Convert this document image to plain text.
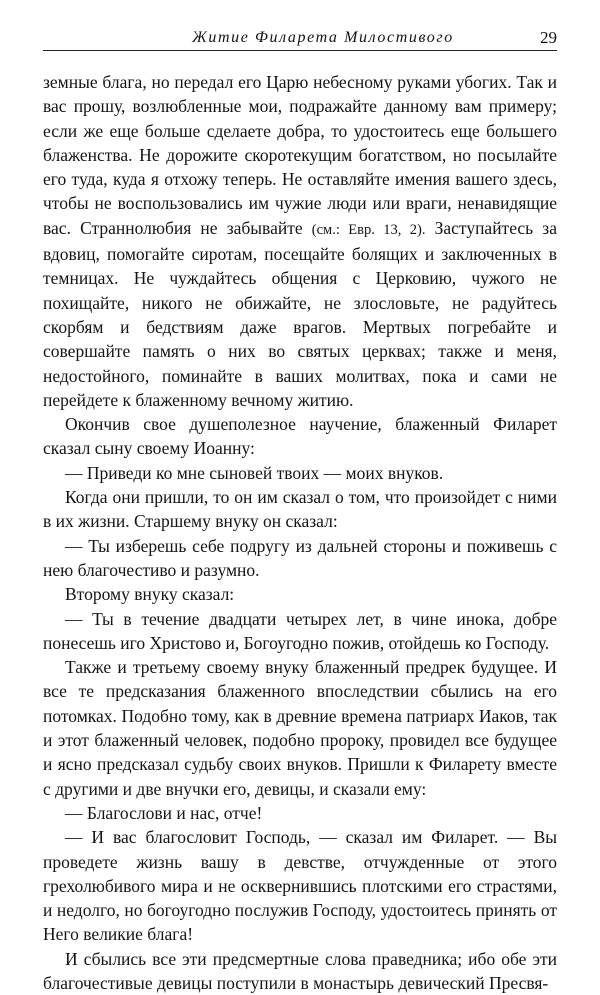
Житие Филарета Милостивого	29

земные блага, но передал его Царю небесному руками убогих. Так и вас прошу, возлюбленные мои, подражайте данному вам примеру; если же еще больше сделаете добра, то удостоитесь еще большего блаженства. Не дорожите скоротекущим богатством, но посылайте его туда, куда я отхожу теперь. Не оставляйте имения вашего здесь, чтобы не воспользовались им чужие люди или враги, ненавидящие вас. Страннолюбия не забывайте (см.: Евр. 13, 2). Заступайтесь за вдовиц, помогайте сиротам, посещайте болящих и заключенных в темницах. Не чуждайтесь общения с Церковию, чужого не похищайте, никого не обижайте, не злословьте, не радуйтесь скорбям и бедствиям даже врагов. Мертвых погребайте и совершайте память о них во святых церквах; также и меня, недостойного, поминайте в ваших молитвах, пока и сами не перейдете к блаженному вечному житию.

Окончив свое душеполезное научение, блаженный Филарет сказал сыну своему Иоанну:

— Приведи ко мне сыновей твоих — моих внуков.

Когда они пришли, то он им сказал о том, что произойдет с ними в их жизни. Старшему внуку он сказал:

— Ты изберешь себе подругу из дальней стороны и поживешь с нею благочестиво и разумно.

Второму внуку сказал:

— Ты в течение двадцати четырех лет, в чине инока, добре понесешь иго Христово и, Богоугодно пожив, отойдешь ко Господу.

Также и третьему своему внуку блаженный предрек будущее. И все те предсказания блаженного впоследствии сбылись на его потомках. Подобно тому, как в древние времена патриарх Иаков, так и этот блаженный человек, подобно пророку, провидел все будущее и ясно предсказал судьбу своих внуков. Пришли к Филарету вместе с другими и две внучки его, девицы, и сказали ему:

— Благослови и нас, отче!

— И вас благословит Господь, — сказал им Филарет. — Вы проведете жизнь вашу в девстве, отчужденные от этого грехолюбивого мира и не осквернившись плотскими его страстями, и недолго, но богоугодно послужив Господу, удостоитесь принять от Него великие блага!

И сбылись все эти предсмертные слова праведника; ибо обе эти благочестивые девицы поступили в монастырь девический Пресвя-
